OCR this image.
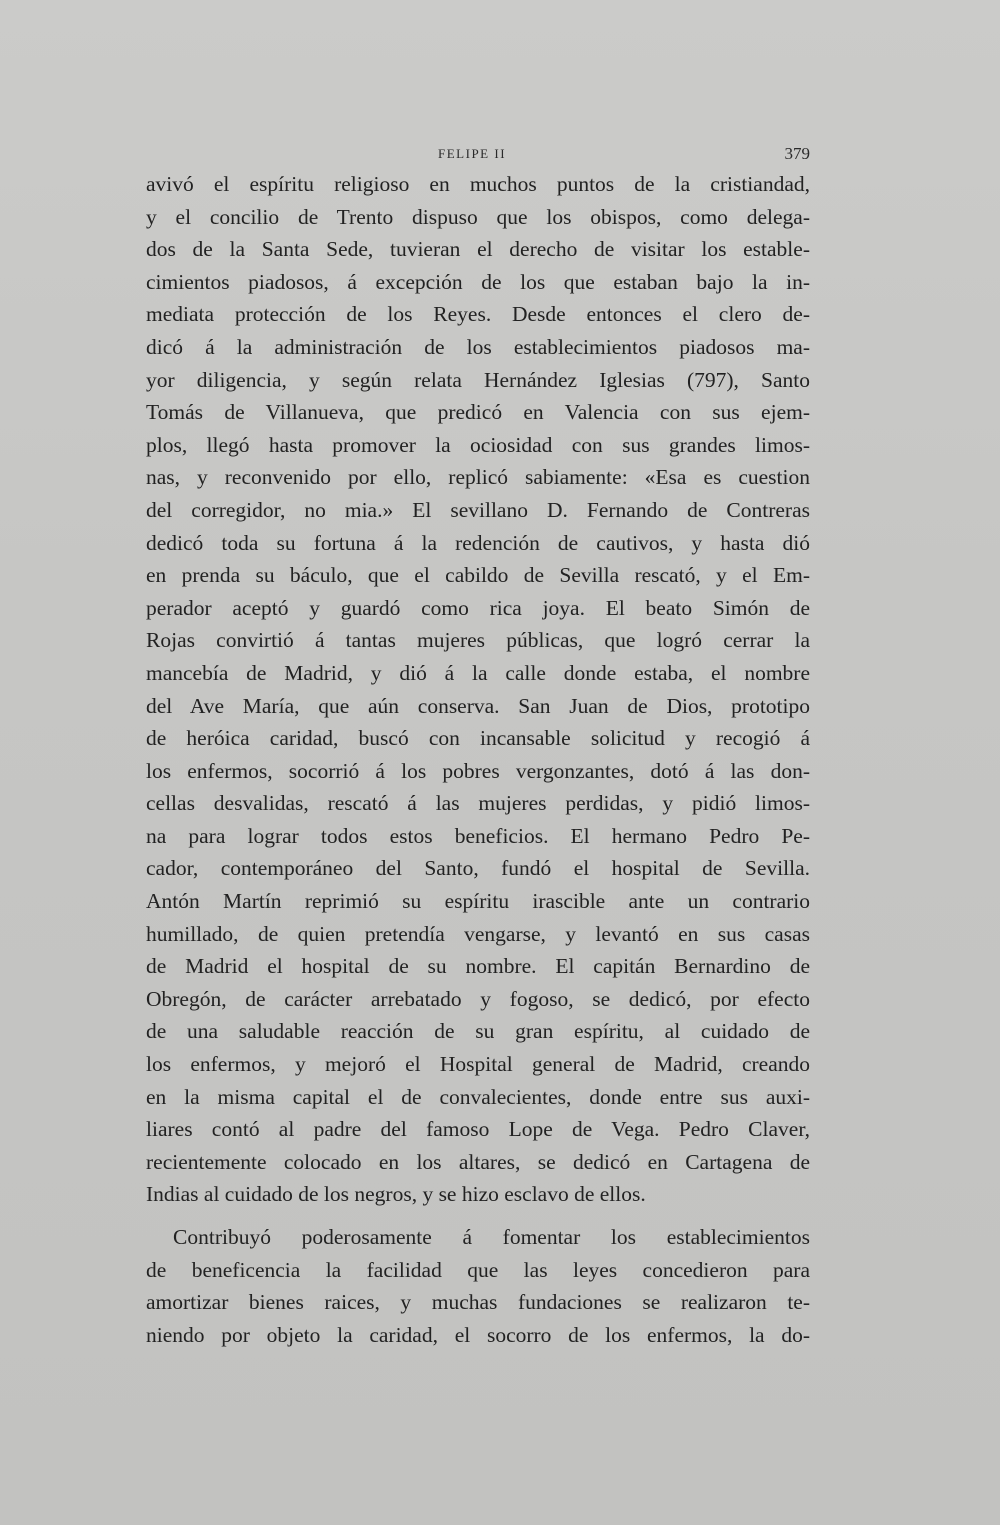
FELIPE II	379
avivó el espíritu religioso en muchos puntos de la cristiandad,
y el concilio de Trento dispuso que los obispos, como delega-
dos de la Santa Sede, tuvieran el derecho de visitar los estable-
cimientos piadosos, á excepción de los que estaban bajo la in-
mediata protección de los Reyes. Desde entonces el clero de-
dicó á la administración de los establecimientos piadosos ma-
yor diligencia, y según relata Hernández Iglesias (797), Santo
Tomás de Villanueva, que predicó en Valencia con sus ejem-
plos, llegó hasta promover la ociosidad con sus grandes limos-
nas, y reconvenido por ello, replicó sabiamente: «Esa es cuestion
del corregidor, no mia.» El sevillano D. Fernando de Contreras
dedicó toda su fortuna á la redención de cautivos, y hasta dió
en prenda su báculo, que el cabildo de Sevilla rescató, y el Em-
perador aceptó y guardó como rica joya. El beato Simón de
Rojas convirtió á tantas mujeres públicas, que logró cerrar la
mancebía de Madrid, y dió á la calle donde estaba, el nombre
del Ave María, que aún conserva. San Juan de Dios, prototipo
de heróica caridad, buscó con incansable solicitud y recogió á
los enfermos, socorrió á los pobres vergonzantes, dotó á las don-
cellas desvalidas, rescató á las mujeres perdidas, y pidió limos-
na para lograr todos estos beneficios. El hermano Pedro Pe-
cador, contemporáneo del Santo, fundó el hospital de Sevilla.
Antón Martín reprimió su espíritu irascible ante un contrario
humillado, de quien pretendía vengarse, y levantó en sus casas
de Madrid el hospital de su nombre. El capitán Bernardino de
Obregón, de carácter arrebatado y fogoso, se dedicó, por efecto
de una saludable reacción de su gran espíritu, al cuidado de
los enfermos, y mejoró el Hospital general de Madrid, creando
en la misma capital el de convalecientes, donde entre sus auxi-
liares contó al padre del famoso Lope de Vega. Pedro Claver,
recientemente colocado en los altares, se dedicó en Cartagena de
Indias al cuidado de los negros, y se hizo esclavo de ellos.
Contribuyó poderosamente á fomentar los establecimientos
de beneficencia la facilidad que las leyes concedieron para
amortizar bienes raices, y muchas fundaciones se realizaron te-
niendo por objeto la caridad, el socorro de los enfermos, la do-
